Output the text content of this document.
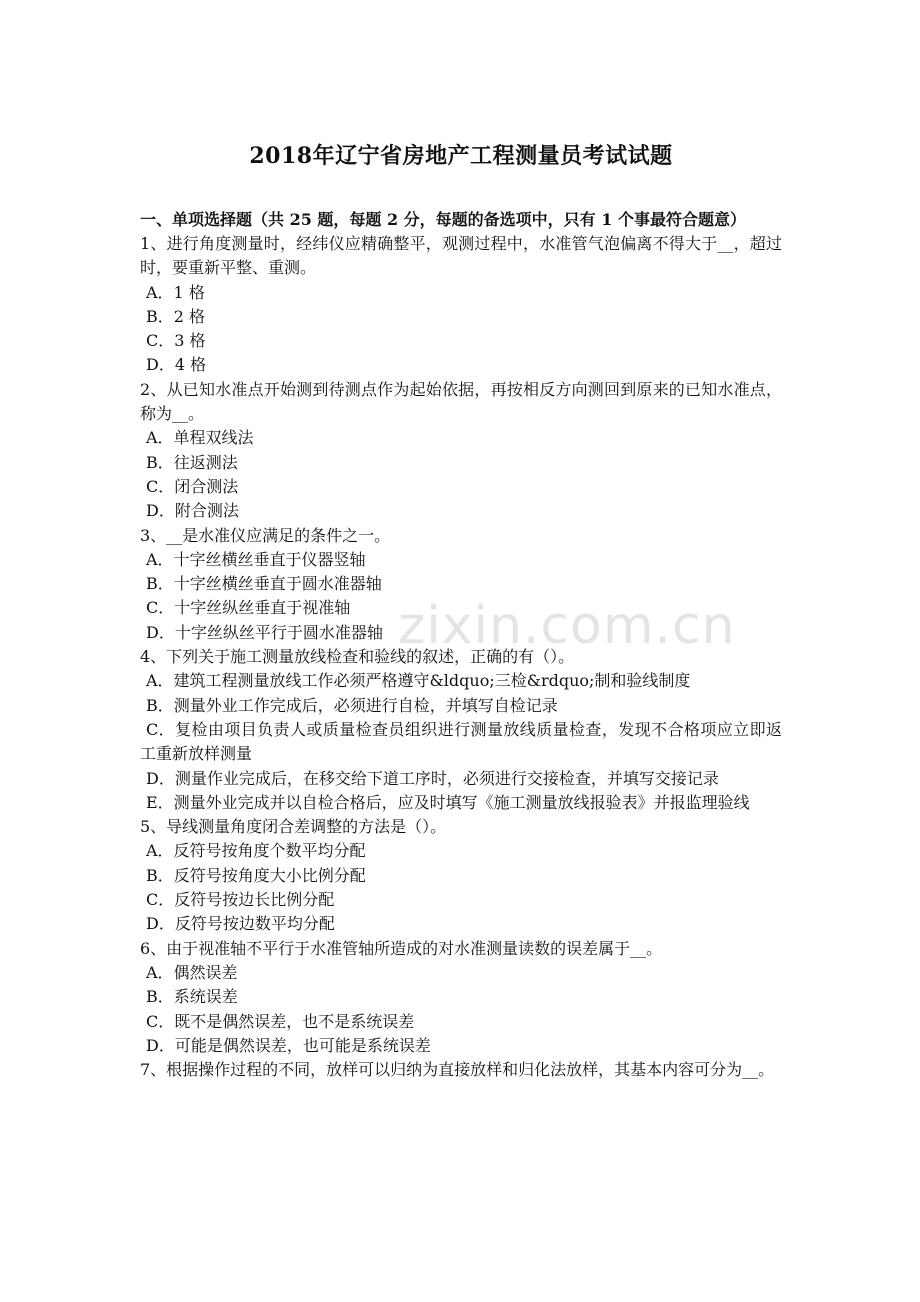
2018年辽宁省房地产工程测量员考试试题
一、单项选择题（共 25 题，每题 2 分，每题的备选项中，只有 1 个事最符合题意）
1、进行角度测量时，经纬仪应精确整平，观测过程中，水准管气泡偏离不得大于__，超过时，要重新平整、重测。
A．1 格
B．2 格
C．3 格
D．4 格
2、从已知水准点开始测到待测点作为起始依据，再按相反方向测回到原来的已知水准点，称为__。
A．单程双线法
B．往返测法
C．闭合测法
D．附合测法
3、__是水准仪应满足的条件之一。
A．十字丝横丝垂直于仪器竖轴
B．十字丝横丝垂直于圆水准器轴
C．十字丝纵丝垂直于视准轴
D．十字丝纵丝平行于圆水准器轴
4、下列关于施工测量放线检查和验线的叙述，正确的有（）。
A．建筑工程测量放线工作必须严格遵守&ldquo;三检&rdquo;制和验线制度
B．测量外业工作完成后，必须进行自检，并填写自检记录
C．复检由项目负责人或质量检查员组织进行测量放线质量检查，发现不合格项应立即返工重新放样测量
D．测量作业完成后，在移交给下道工序时，必须进行交接检查，并填写交接记录
E．测量外业完成并以自检合格后，应及时填写《施工测量放线报验表》并报监理验线
5、导线测量角度闭合差调整的方法是（）。
A．反符号按角度个数平均分配
B．反符号按角度大小比例分配
C．反符号按边长比例分配
D．反符号按边数平均分配
6、由于视准轴不平行于水准管轴所造成的对水准测量读数的误差属于__。
A．偶然误差
B．系统误差
C．既不是偶然误差，也不是系统误差
D．可能是偶然误差，也可能是系统误差
7、根据操作过程的不同，放样可以归纳为直接放样和归化法放样，其基本内容可分为__。
zixin.com.cn
